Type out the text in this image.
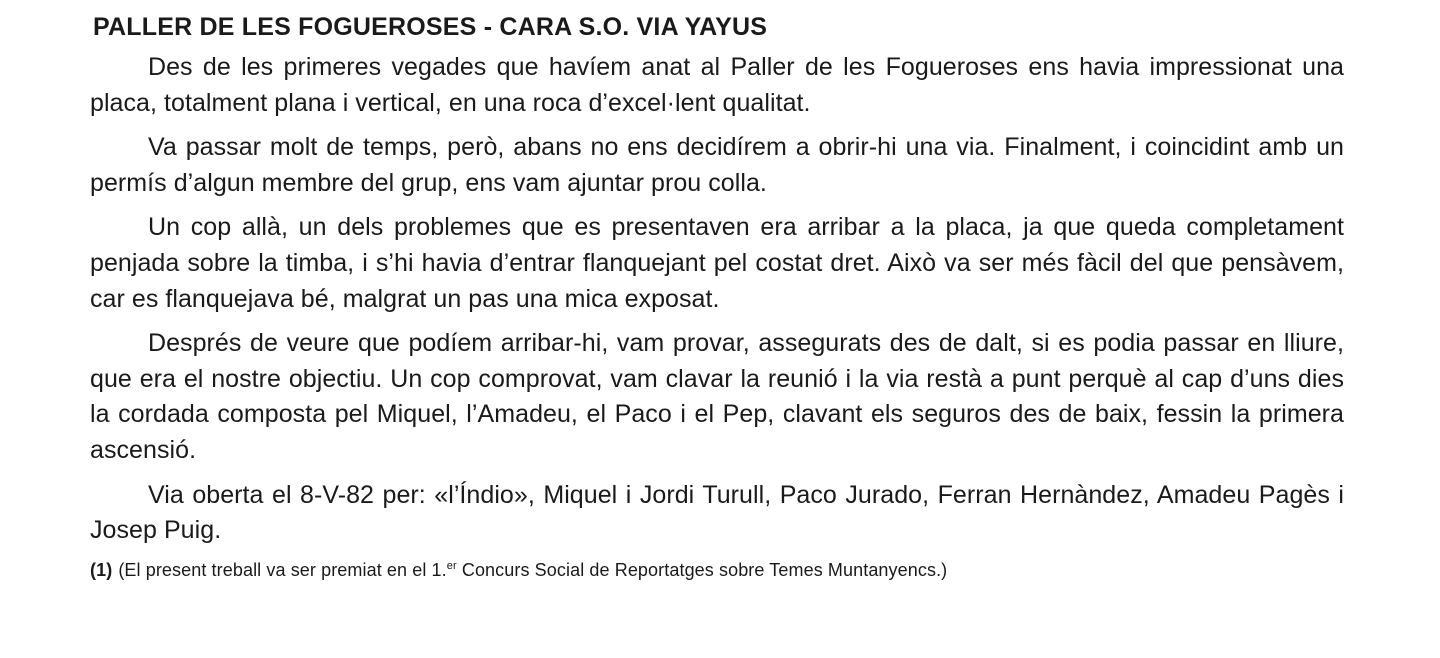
PALLER DE LES FOGUEROSES - CARA S.O. VIA YAYUS

Des de les primeres vegades que havíem anat al Paller de les Fogueroses ens havia impressionat una placa, totalment plana i vertical, en una roca d’excel·lent qualitat.

Va passar molt de temps, però, abans no ens decidírem a obrir-hi una via. Finalment, i coincidint amb un permís d’algun membre del grup, ens vam ajuntar prou colla.

Un cop allà, un dels problemes que es presentaven era arribar a la placa, ja que queda completament penjada sobre la timba, i s’hi havia d’entrar flanquejant pel costat dret. Això va ser més fàcil del que pensàvem, car es flanquejava bé, malgrat un pas una mica exposat.

Després de veure que podíem arribar-hi, vam provar, assegurats des de dalt, si es podia passar en lliure, que era el nostre objectiu. Un cop comprovat, vam clavar la reunió i la via restà a punt perquè al cap d’uns dies la cordada composta pel Miquel, l’Amadeu, el Paco i el Pep, clavant els seguros des de baix, fessin la primera ascensió.

Via oberta el 8-V-82 per: «l’Índio», Miquel i Jordi Turull, Paco Jurado, Ferran Hernàndez, Amadeu Pagès i Josep Puig.

(1) (El present treball va ser premiat en el 1.$^{er}$ Concurs Social de Reportatges sobre Temes Muntanyencs.)
